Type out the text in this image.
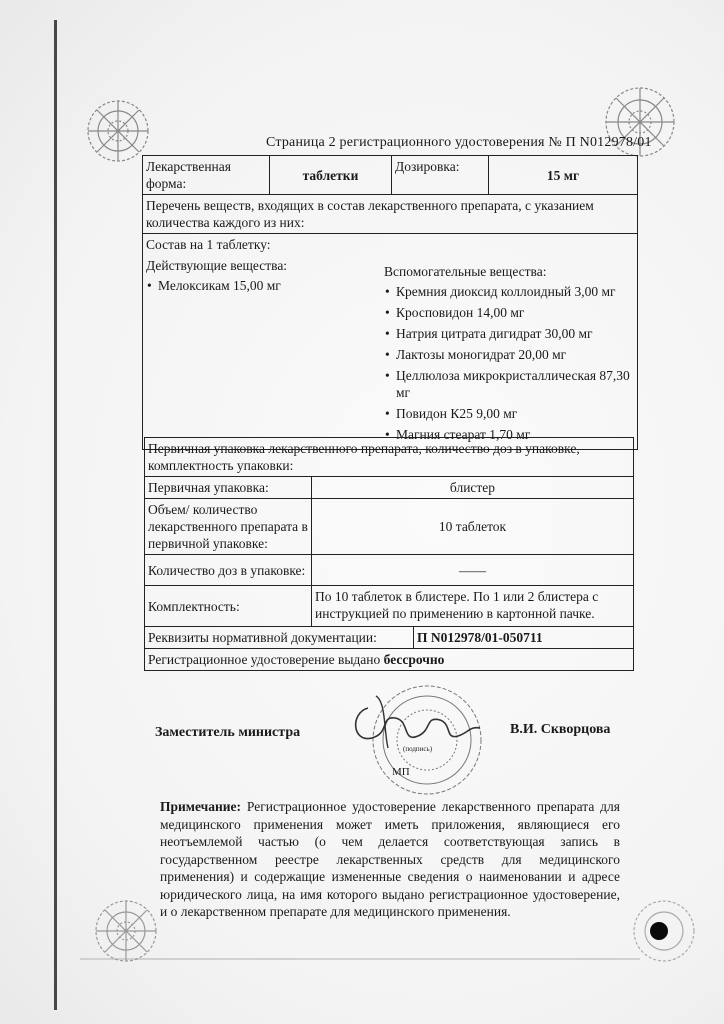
Страница 2 регистрационного удостоверения № П N012978/01
Лекарственная форма:	таблетки	Дозировка:	15 мг
Перечень веществ, входящих в состав лекарственного препарата, с указанием количества каждого из них:

Состав на 1 таблетку:
Действующие вещества:
• Мелоксикам 15,00 мг
Вспомогательные вещества:
• Кремния диоксид коллоидный 3,00 мг
• Кросповидон 14,00 мг
• Натрия цитрата дигидрат 30,00 мг
• Лактозы моногидрат 20,00 мг
• Целлюлоза микрокристаллическая 87,30 мг
• Повидон К25 9,00 мг
• Магния стеарат 1,70 мг
Первичная упаковка лекарственного препарата, количество доз в упаковке, комплектность упаковки:		
Первичная упаковка:	блистер	
Объем/ количество лекарственного препарата в первичной упаковке:	10 таблеток	
Количество доз в упаковке:	——	
Комплектность:	По 10 таблеток в блистере. По 1 или 2 блистера с инструкцией по применению в картонной пачке.	
Реквизиты нормативной документации:		П N012978/01-050711
Регистрационное удостоверение выдано бессрочно		
Заместитель министра	В.И. Скворцова
(подпись)
МП
Примечание: Регистрационное удостоверение лекарственного препарата для медицинского применения может иметь приложения, являющиеся его неотъемлемой частью (о чем делается соответствующая запись в государственном реестре лекарственных средств для медицинского применения) и содержащие измененные сведения о наименовании и адресе юридического лица, на имя которого выдано регистрационное удостоверение, и о лекарственном препарате для медицинского применения.
